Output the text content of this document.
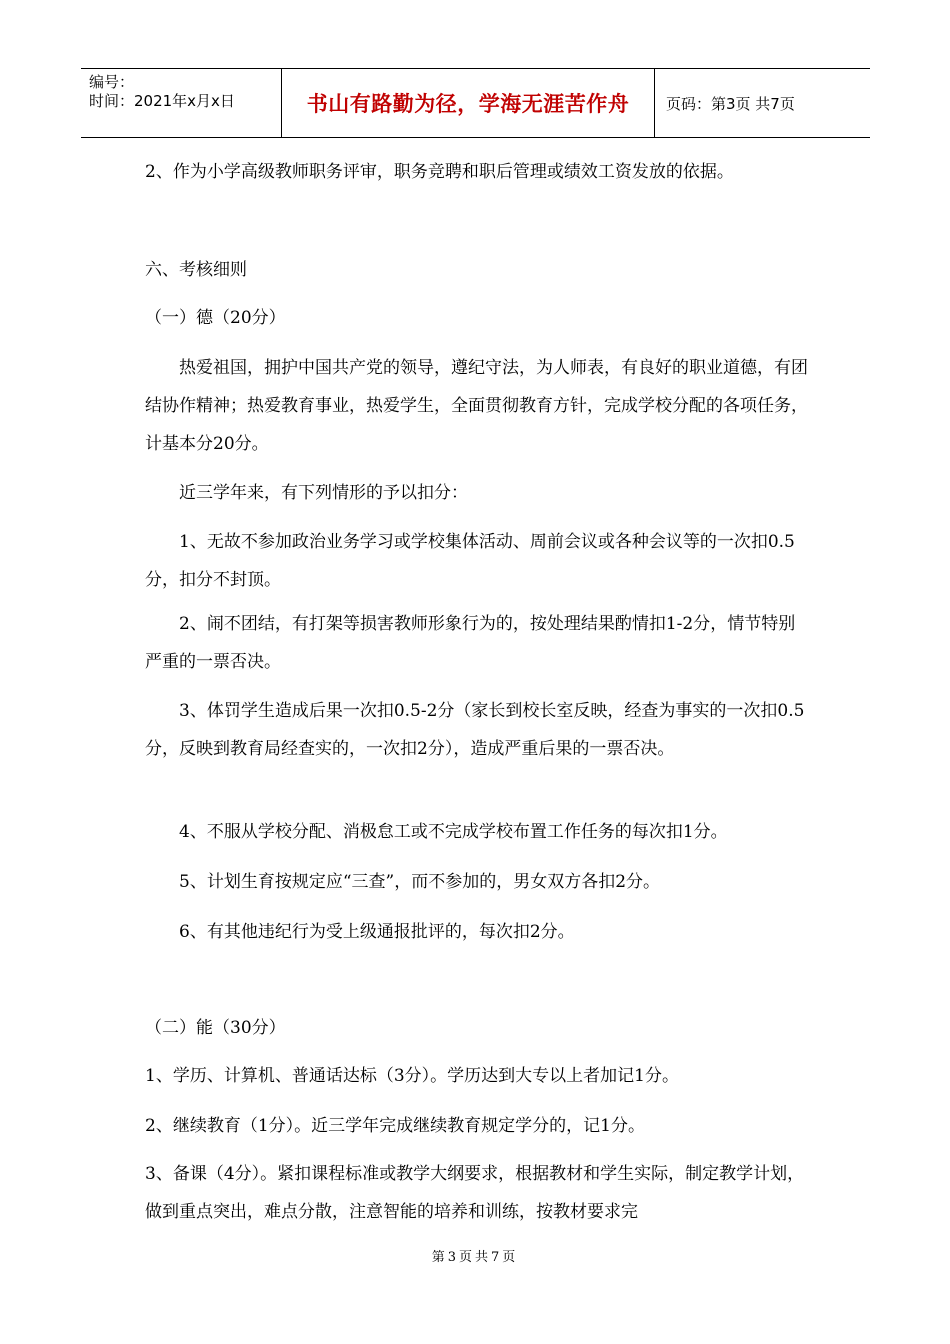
编号：
时间：2021年x月x日	书山有路勤为径，学海无涯苦作舟 页码：第3页 共7页
2、作为小学高级教师职务评审，职务竞聘和职后管理或绩效工资发放的依据。
六、考核细则
（一）德（20分）
热爱祖国，拥护中国共产党的领导，遵纪守法，为人师表，有良好的职业道德，有团结协作精神；热爱教育事业，热爱学生，全面贯彻教育方针，完成学校分配的各项任务，计基本分20分。
近三学年来，有下列情形的予以扣分：
1、无故不参加政治业务学习或学校集体活动、周前会议或各种会议等的一次扣0.5分，扣分不封顶。
2、闹不团结，有打架等损害教师形象行为的，按处理结果酌情扣1-2分，情节特别严重的一票否决。
3、体罚学生造成后果一次扣0.5-2分（家长到校长室反映，经查为事实的一次扣0.5分，反映到教育局经查实的，一次扣2分），造成严重后果的一票否决。
4、不服从学校分配、消极怠工或不完成学校布置工作任务的每次扣1分。
5、计划生育按规定应“三查”，而不参加的，男女双方各扣2分。
6、有其他违纪行为受上级通报批评的，每次扣2分。
（二）能（30分）
1、学历、计算机、普通话达标（3分）。学历达到大专以上者加记1分。
2、继续教育（1分）。近三学年完成继续教育规定学分的，记1分。
3、备课（4分）。紧扣课程标准或教学大纲要求，根据教材和学生实际，制定教学计划，做到重点突出，难点分散，注意智能的培养和训练，按教材要求完
第3页共7页
